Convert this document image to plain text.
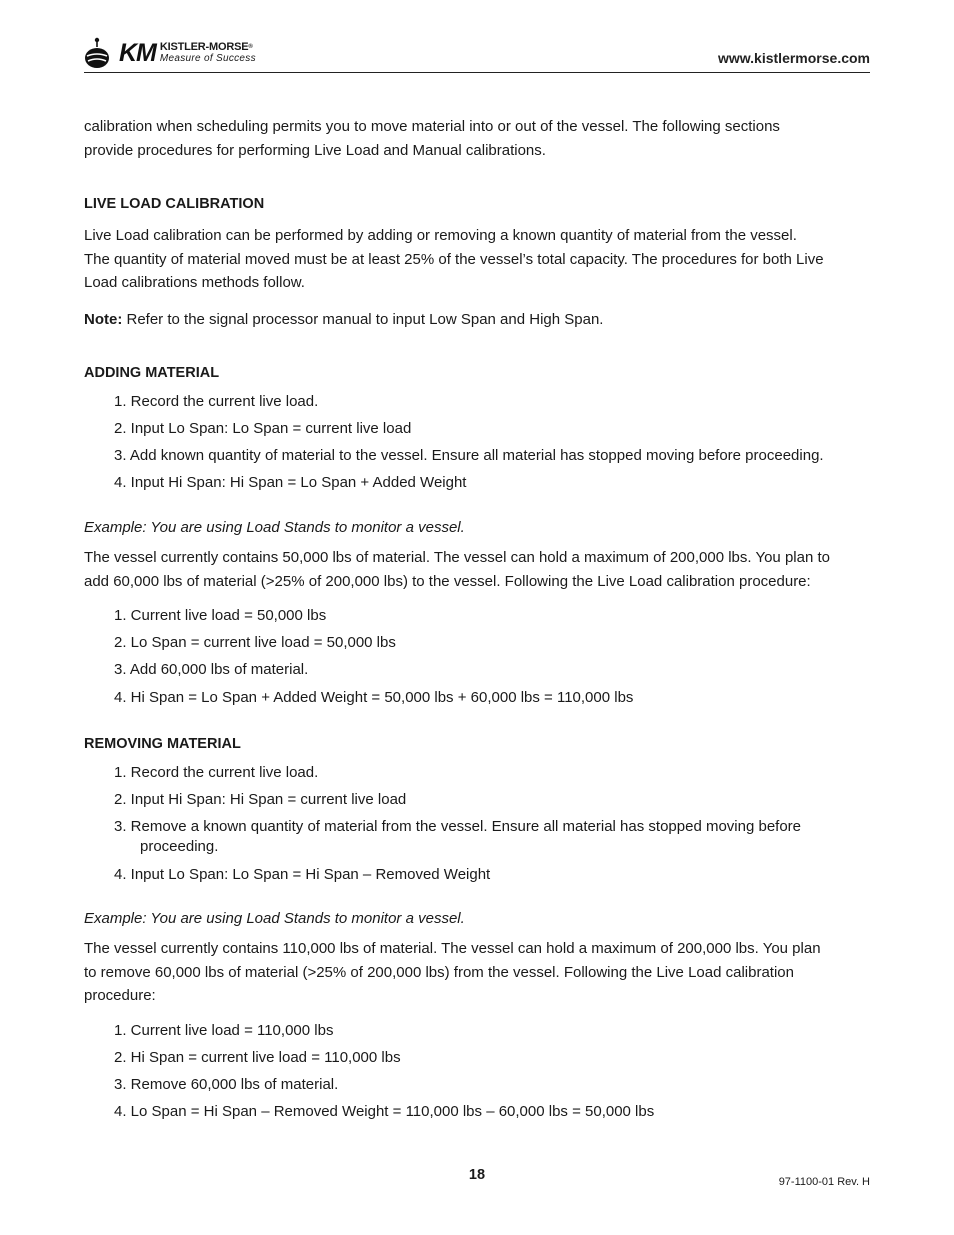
KM KISTLER-MORSE®
Measure of Success	www.kistlermorse.com
calibration when scheduling permits you to move material into or out of the vessel. The following sections
provide procedures for performing Live Load and Manual calibrations.
LIVE LOAD CALIBRATION
Live Load calibration can be performed by adding or removing a known quantity of material from the vessel.
The quantity of material moved must be at least 25% of the vessel’s total capacity. The procedures for both Live
Load calibrations methods follow.
Note: Refer to the signal processor manual to input Low Span and High Span.
ADDING MATERIAL
1. Record the current live load.
2. Input Lo Span: Lo Span = current live load
3. Add known quantity of material to the vessel. Ensure all material has stopped moving before proceeding.
4. Input Hi Span: Hi Span = Lo Span + Added Weight
Example: You are using Load Stands to monitor a vessel.
The vessel currently contains 50,000 lbs of material. The vessel can hold a maximum of 200,000 lbs. You plan to
add 60,000 lbs of material (>25% of 200,000 lbs) to the vessel. Following the Live Load calibration procedure:
1. Current live load = 50,000 lbs
2. Lo Span = current live load = 50,000 lbs
3. Add 60,000 lbs of material.
4. Hi Span = Lo Span + Added Weight = 50,000 lbs + 60,000 lbs = 110,000 lbs
REMOVING MATERIAL
1. Record the current live load.
2. Input Hi Span: Hi Span = current live load
3. Remove a known quantity of material from the vessel. Ensure all material has stopped moving before
proceeding.
4. Input Lo Span: Lo Span = Hi Span – Removed Weight
Example: You are using Load Stands to monitor a vessel.
The vessel currently contains 110,000 lbs of material. The vessel can hold a maximum of 200,000 lbs. You plan
to remove 60,000 lbs of material (>25% of 200,000 lbs) from the vessel. Following the Live Load calibration
procedure:
1. Current live load = 110,000 lbs
2. Hi Span = current live load = 110,000 lbs
3. Remove 60,000 lbs of material.
4. Lo Span = Hi Span – Removed Weight = 110,000 lbs – 60,000 lbs = 50,000 lbs
18	97-1100-01 Rev. H
